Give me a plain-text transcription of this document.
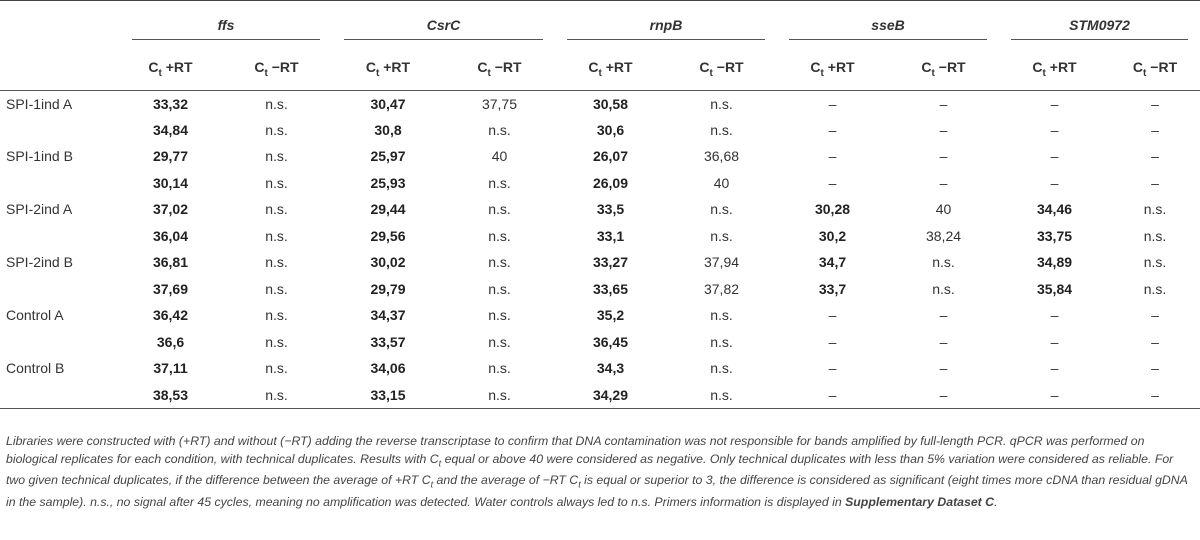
	ffs		CsrC		rnpB		sseB		STM0972	

	$C_t +RT$	$C_t -RT$	$C_t +RT$	$C_t -RT$	$C_t +RT$	$C_t -RT$	$C_t +RT$	$C_t -RT$	$C_t +RT$	$C_t -RT$
SPI-1ind A	33,32	n.s.	30,47	37,75	30,58	n.s.	–	–	–	–
	34,84	n.s.	30,8	n.s.	30,6	n.s.	–	–	–	–
SPI-1ind B	29,77	n.s.	25,97	40	26,07	36,68	–	–	–	–
	30,14	n.s.	25,93	n.s.	26,09	40	–	–	–	–
SPI-2ind A	37,02	n.s.	29,44	n.s.	33,5	n.s.	30,28	40	34,46	n.s.
	36,04	n.s.	29,56	n.s.	33,1	n.s.	30,2	38,24	33,75	n.s.
SPI-2ind B	36,81	n.s.	30,02	n.s.	33,27	37,94	34,7	n.s.	34,89	n.s.
	37,69	n.s.	29,79	n.s.	33,65	37,82	33,7	n.s.	35,84	n.s.
Control A	36,42	n.s.	34,37	n.s.	35,2	n.s.	–	–	–	–
	36,6	n.s.	33,57	n.s.	36,45	n.s.	–	–	–	–
Control B	37,11	n.s.	34,06	n.s.	34,3	n.s.	–	–	–	–
	38,53	n.s.	33,15	n.s.	34,29	n.s.	–	–	–	–
Libraries were constructed with (+RT) and without (−RT) adding the reverse transcriptase to confirm that DNA contamination was not responsible for bands amplified by full-length PCR. qPCR was performed on biological replicates for each condition, with technical duplicates. Results with $C_t$ equal or above 40 were considered as negative. Only technical duplicates with less than 5% variation were considered as reliable. For two given technical duplicates, if the difference between the average of +RT $C_t$ and the average of −RT $C_t$ is equal or superior to 3, the difference is considered as significant (eight times more cDNA than residual gDNA in the sample). n.s., no signal after 45 cycles, meaning no amplification was detected. Water controls always led to n.s. Primers information is displayed in Supplementary Dataset C.
